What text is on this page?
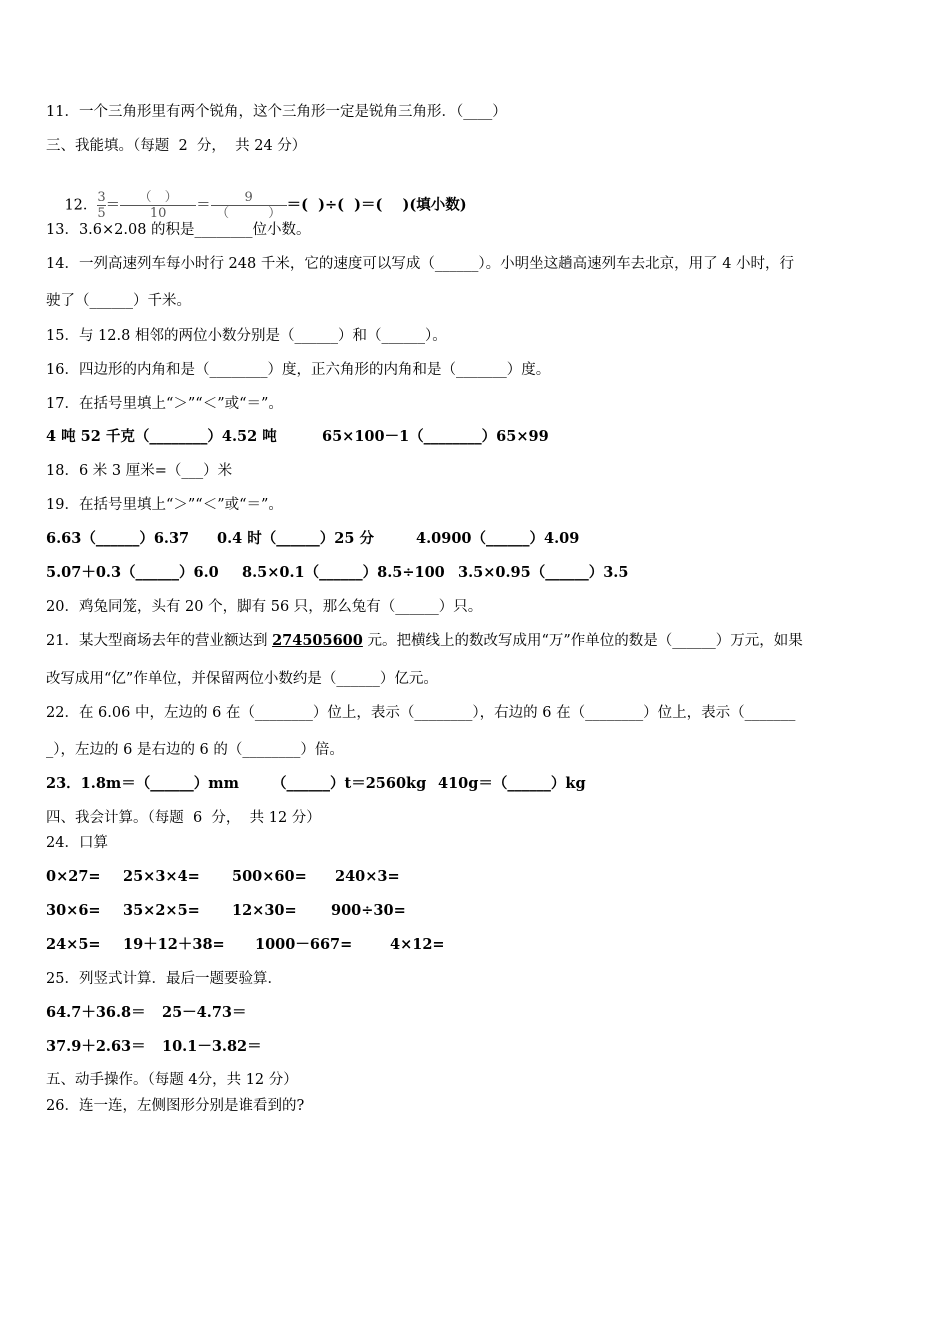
11．一个三角形里有两个锐角，这个三角形一定是锐角三角形．（____）
三、我能填。（每题  2  分，  共 24 分）

12． $\frac{3}{5} = \frac{( )}{10} = \frac{9}{( )}$ ＝(  )÷(  )＝(    )(填小数)

13．3.6×2.08 的积是________位小数。
14．一列高速列车每小时行 248 千米，它的速度可以写成（______）。小明坐这趟高速列车去北京，用了 4 小时，行
驶了（______）千米。
15．与 12.8 相邻的两位小数分别是（______）和（______）。
16．四边形的内角和是（________）度，正六角形的内角和是（_______）度。
17．在括号里填上“＞”“＜”或“＝”。
4 吨 52 千克（________）4.52 吨	65×100－1（________）65×99
18．6 米 3 厘米=（___）米
19．在括号里填上“＞”“＜”或“＝”。
6.63（______）6.37 0.4 时（______）25 分	4.0900（______）4.09
5.07＋0.3（______）6.0 8.5×0.1（______）8.5÷100 3.5×0.95（______）3.5
20．鸡兔同笼，头有 20 个，脚有 56 只，那么兔有（______）只。
21．某大型商场去年的营业额达到 274505600 元。把横线上的数改写成用“万”作单位的数是（______）万元，如果
改写成用“亿”作单位，并保留两位小数约是（______）亿元。
22．在 6.06 中，左边的 6 在（________）位上，表示（________），右边的 6 在（________）位上，表示（_______
_），左边的 6 是右边的 6 的（________）倍。
23．1.8m＝（______）mm （______）t＝2560kg 410g＝（______）kg
四、我会计算。（每题  6  分，  共 12 分）
24．口算
0×27= 25×3×4= 500×60= 240×3=
30×6= 35×2×5= 12×30= 900÷30=
24×5= 19＋12＋38= 1000－667=	4×12=
25．列竖式计算．最后一题要验算．
64.7＋36.8＝ 25－4.73＝
37.9＋2.63＝ 10.1－3.82＝
五、动手操作。（每题 4分，共 12 分）
26．连一连，左侧图形分别是谁看到的?
